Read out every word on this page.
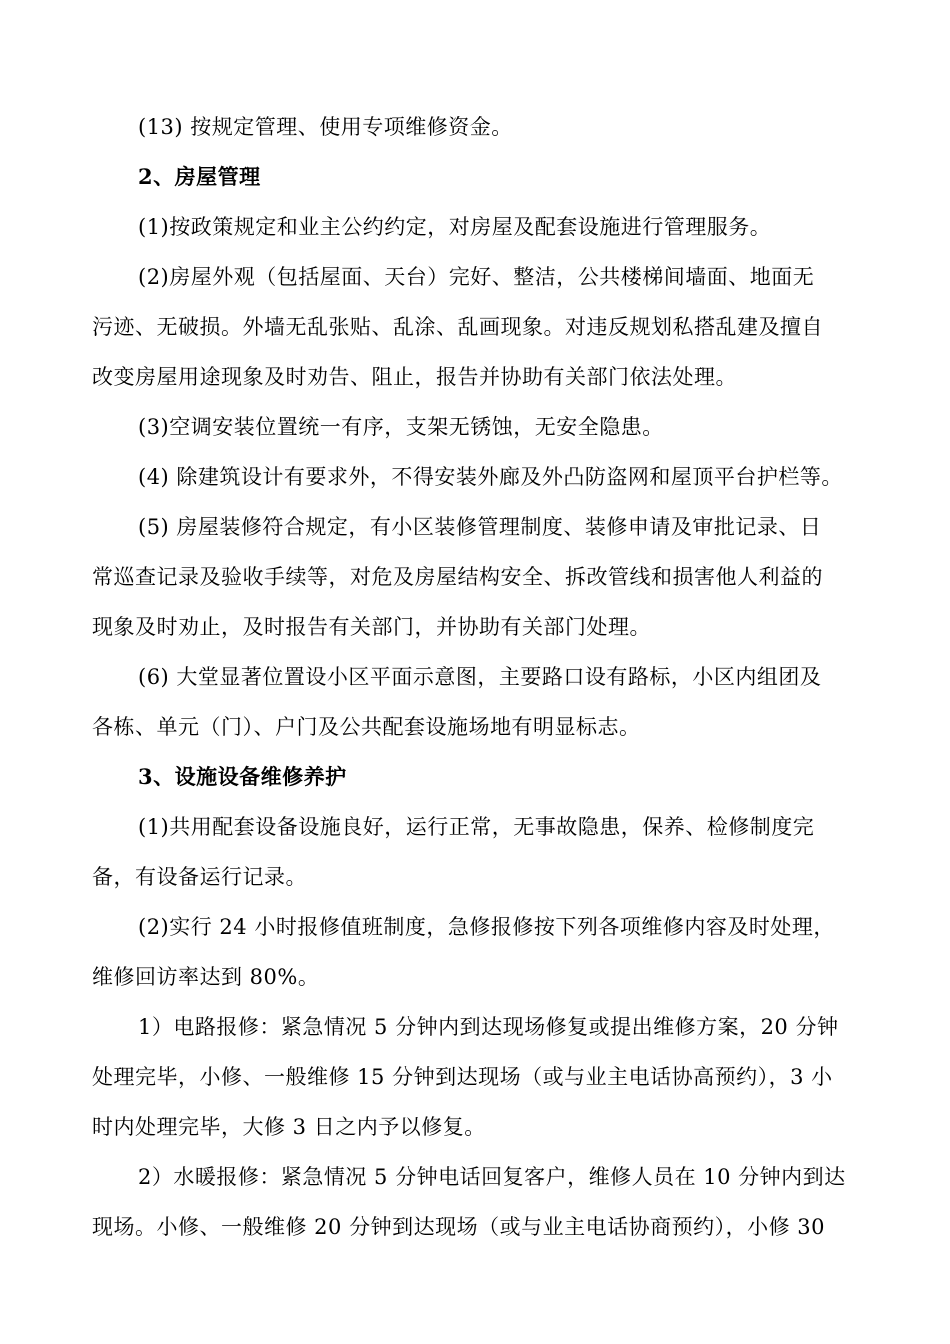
(13) 按规定管理、使用专项维修资金。
2、房屋管理
(1)按政策规定和业主公约约定，对房屋及配套设施进行管理服务。
(2)房屋外观（包括屋面、天台）完好、整洁，公共楼梯间墙面、地面无
污迹、无破损。外墙无乱张贴、乱涂、乱画现象。对违反规划私搭乱建及擅自
改变房屋用途现象及时劝告、阻止，报告并协助有关部门依法处理。
(3)空调安装位置统一有序，支架无锈蚀，无安全隐患。
(4) 除建筑设计有要求外，不得安装外廊及外凸防盗网和屋顶平台护栏等。
(5) 房屋装修符合规定，有小区装修管理制度、装修申请及审批记录、日
常巡查记录及验收手续等，对危及房屋结构安全、拆改管线和损害他人利益的
现象及时劝止，及时报告有关部门，并协助有关部门处理。
(6) 大堂显著位置设小区平面示意图，主要路口设有路标，小区内组团及
各栋、单元（门）、户门及公共配套设施场地有明显标志。
3、设施设备维修养护
(1)共用配套设备设施良好，运行正常，无事故隐患，保养、检修制度完
备，有设备运行记录。
(2)实行 24 小时报修值班制度，急修报修按下列各项维修内容及时处理，
维修回访率达到 80%。
1）电路报修：紧急情况 5 分钟内到达现场修复或提出维修方案，20 分钟
处理完毕，小修、一般维修 15 分钟到达现场（或与业主电话协高预约），3 小
时内处理完毕，大修 3 日之内予以修复。
2）水暖报修：紧急情况 5 分钟电话回复客户，维修人员在 10 分钟内到达
现场。小修、一般维修 20 分钟到达现场（或与业主电话协商预约），小修 30
